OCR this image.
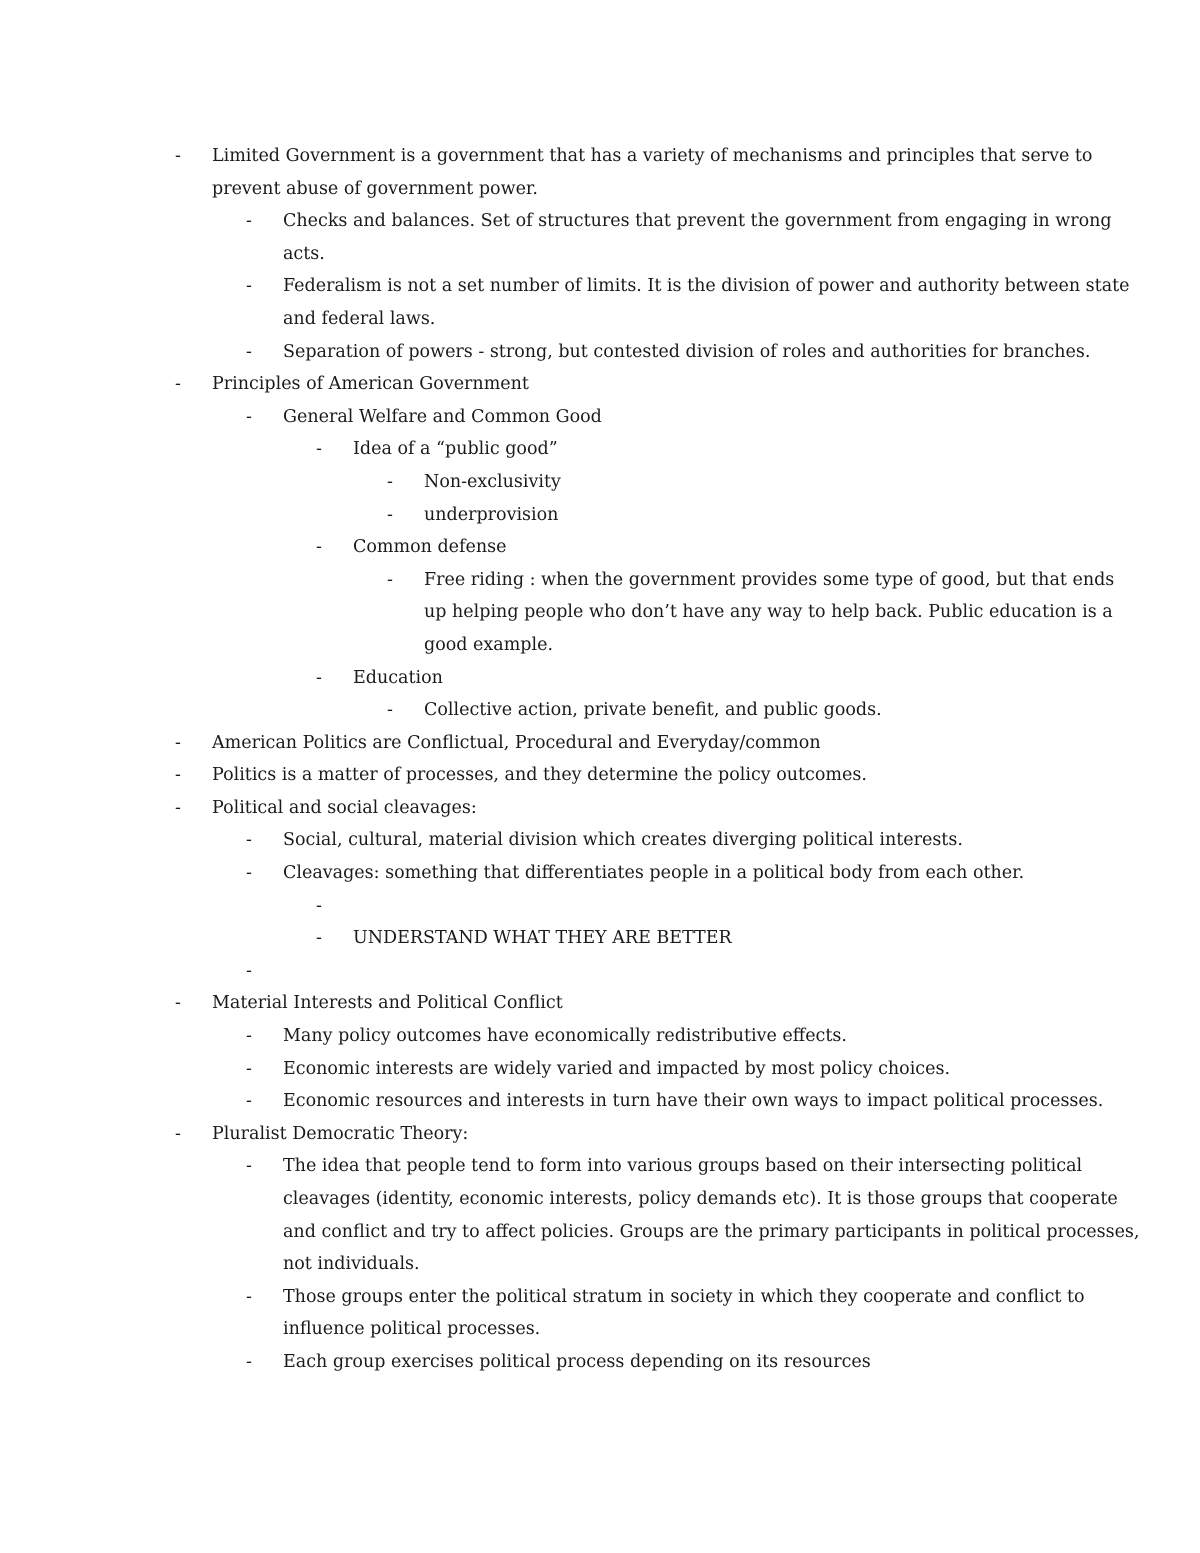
-	Limited Government is a government that has a variety of mechanisms and principles that serve to
prevent abuse of government power.
-	Checks and balances. Set of structures that prevent the government from engaging in wrong
acts.
-	Federalism is not a set number of limits. It is the division of power and authority between state
and federal laws.
-	Separation of powers - strong, but contested division of roles and authorities for branches.
-	Principles of American Government
-	General Welfare and Common Good
-	Idea of a “public good”
-	Non-exclusivity
-	underprovision
-	Common defense
-	Free riding : when the government provides some type of good, but that ends
up helping people who don’t have any way to help back. Public education is a
good example.
-	Education
-	Collective action, private benefit, and public goods.
-	American Politics are Conflictual, Procedural and Everyday/common
-	Politics is a matter of processes, and they determine the policy outcomes.
-	Political and social cleavages:
-	Social, cultural, material division which creates diverging political interests.
-	Cleavages: something that differentiates people in a political body from each other.
-
-	UNDERSTAND WHAT THEY ARE BETTER
-
-	Material Interests and Political Conflict
-	Many policy outcomes have economically redistributive effects.
-	Economic interests are widely varied and impacted by most policy choices.
-	Economic resources and interests in turn have their own ways to impact political processes.
-	Pluralist Democratic Theory:
-	The idea that people tend to form into various groups based on their intersecting political
cleavages (identity, economic interests, policy demands etc). It is those groups that cooperate
and conflict and try to affect policies. Groups are the primary participants in political processes,
not individuals.
-	Those groups enter the political stratum in society in which they cooperate and conflict to
influence political processes.
-	Each group exercises political process depending on its resources
